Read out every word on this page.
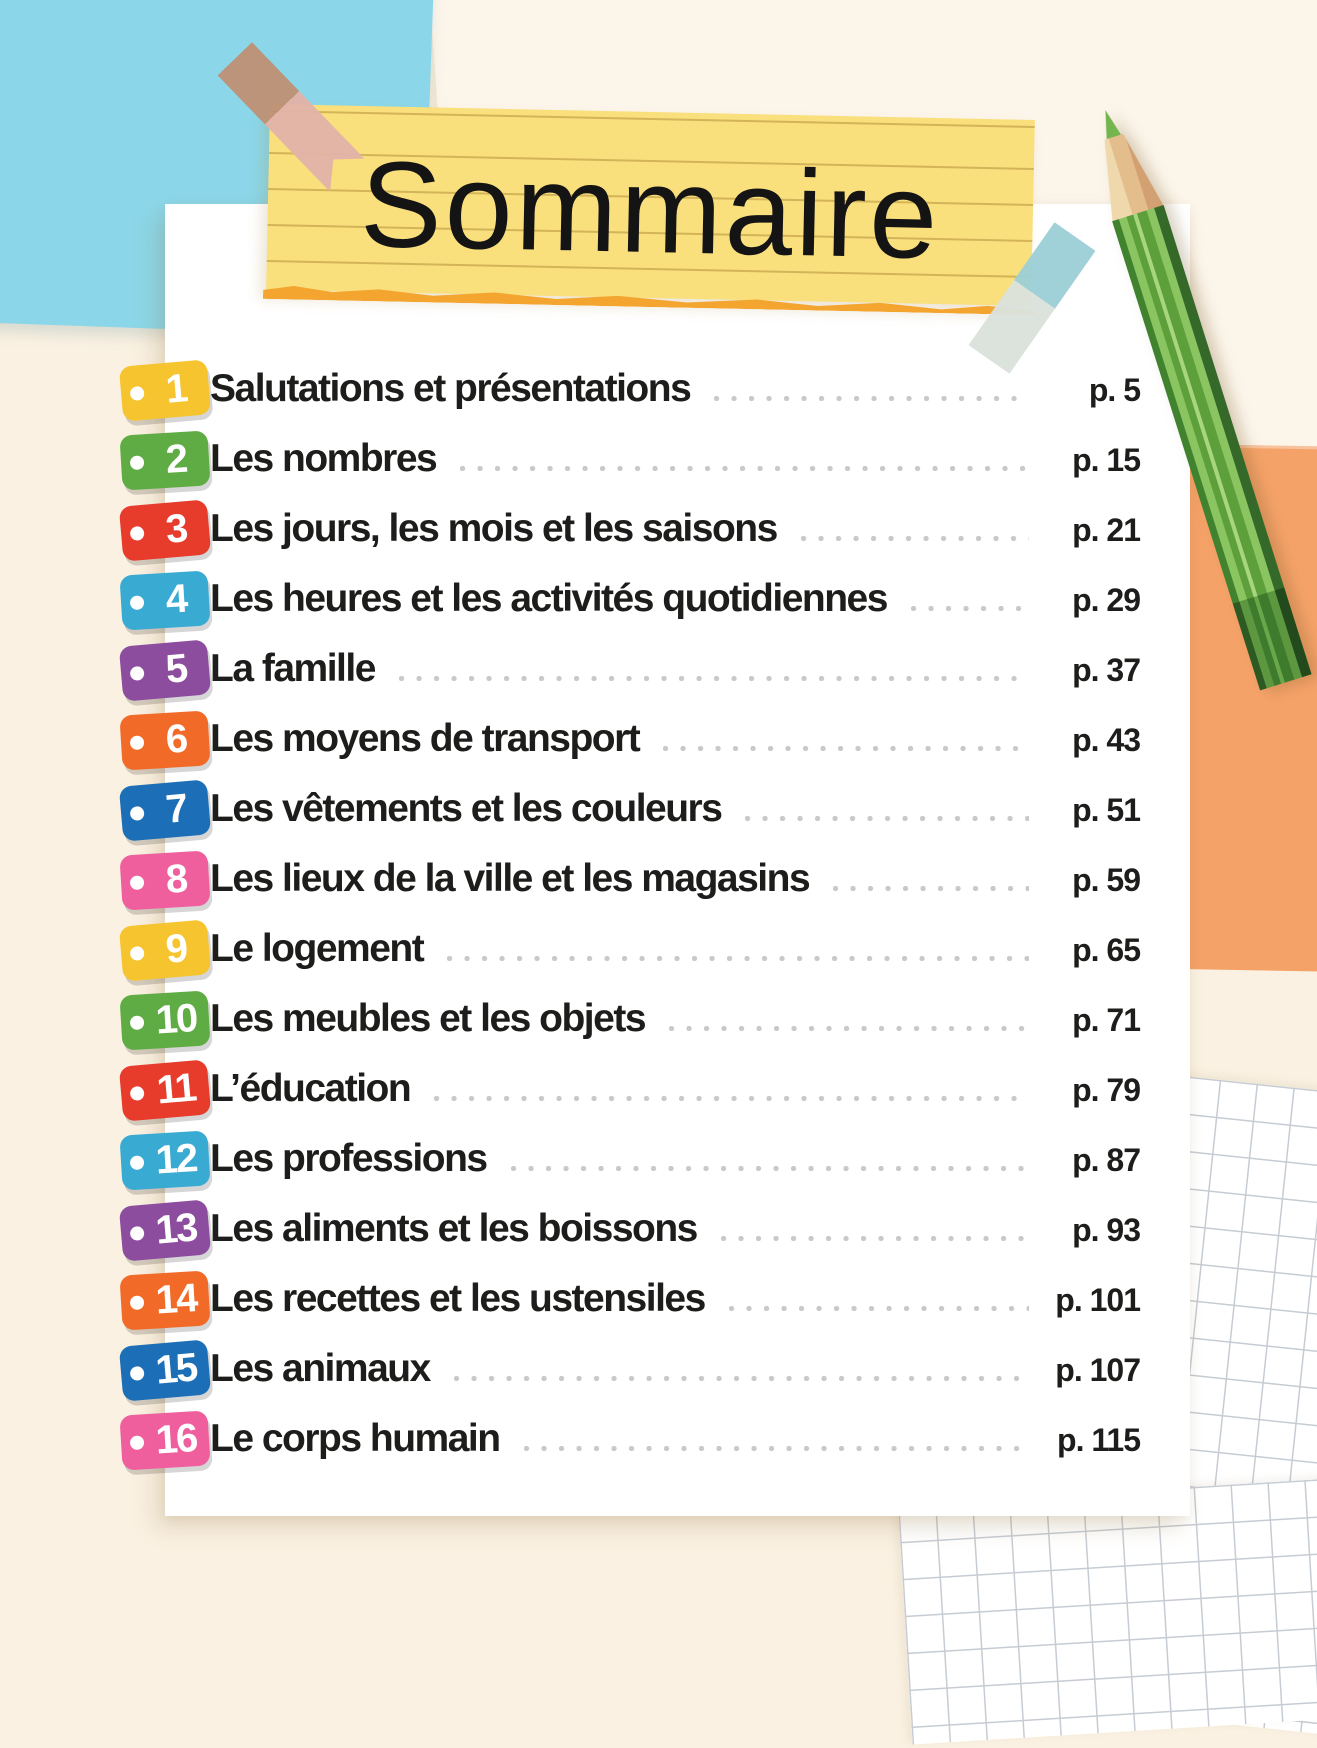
1 Salutations et présentations	p. 5
2 Les nombres	p. 15
3 Les jours, les mois et les saisons	p. 21
4 Les heures et les activités quotidiennes	p. 29
5 La famille	p. 37
6 Les moyens de transport	p. 43
7 Les vêtements et les couleurs	p. 51
8 Les lieux de la ville et les magasins	p. 59
9 Le logement	p. 65
10 Les meubles et les objets	p. 71
11 L’éducation	p. 79
12 Les professions	p. 87
13 Les aliments et les boissons	p. 93
14 Les recettes et les ustensiles	p. 101
15 Les animaux	p. 107
16 Le corps humain	p. 115
Sommaire
